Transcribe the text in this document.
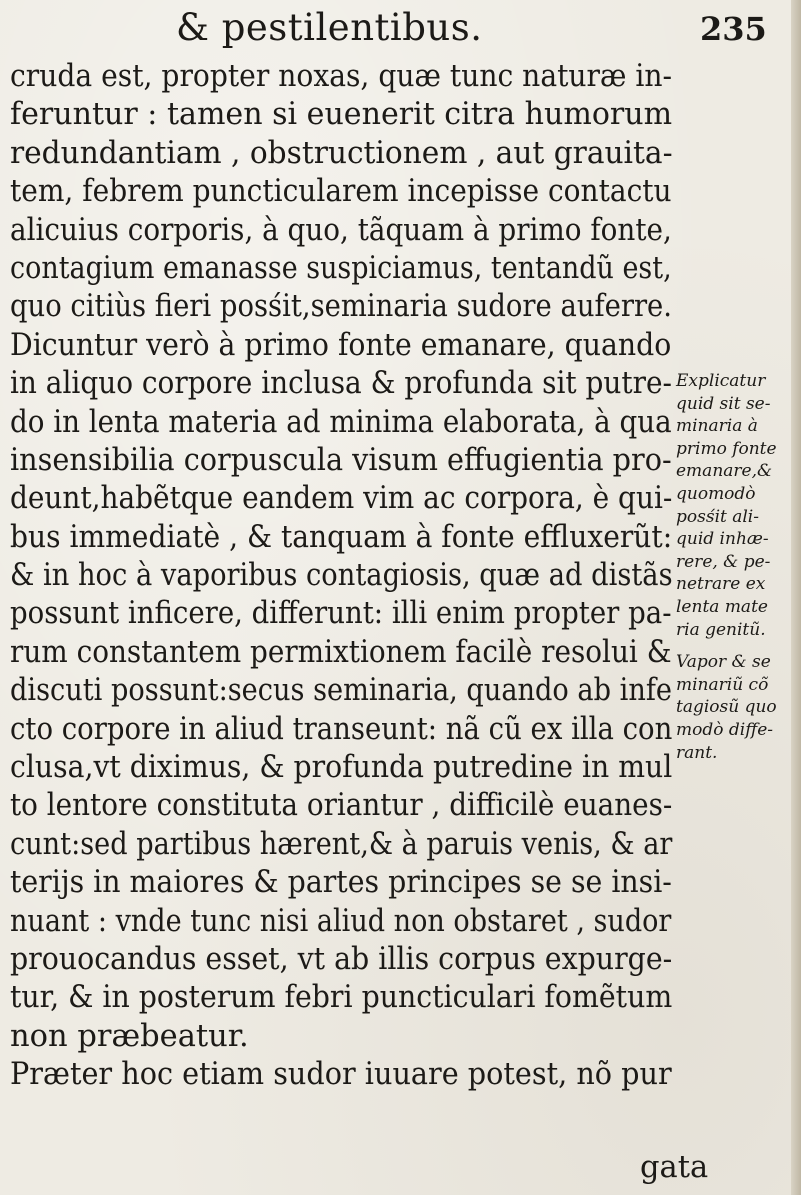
& pestilentibus.	235
cruda est, propter noxas, quæ tunc naturæ in-
feruntur : tamen si euenerit citra humorum
redundantiam , obstructionem , aut grauita-
tem, febrem puncticularem incepisse contactu
alicuius corporis, à quo, tãquam à primo fonte,
contagium emanasse suspiciamus, tentandũ est,
quo citiùs fieri posśit,seminaria sudore auferre.
Dicuntur verò à primo fonte emanare, quando
in aliquo corpore inclusa & profunda sit putre-
do in lenta materia ad minima elaborata, à qua
insensibilia corpuscula visum effugientia pro-
deunt,habẽtque eandem vim ac corpora, è qui-
bus immediatè , & tanquam à fonte effluxerũt:
& in hoc à vaporibus contagiosis, quæ ad distãs
possunt inficere, differunt: illi enim propter pa-
rum constantem permixtionem facilè resolui &
discuti possunt:secus seminaria, quando ab infe
cto corpore in aliud transeunt: nã cũ ex illa con
clusa,vt diximus, & profunda putredine in mul
to lentore constituta oriantur , difficilè euanes-
cunt:sed partibus hærent,& à paruis venis, & ar
terijs in maiores & partes principes se se insi-
nuant : vnde tunc nisi aliud non obstaret , sudor
prouocandus esset, vt ab illis corpus expurge-
tur, & in posterum febri puncticulari fomẽtum
non præbeatur.
Præter hoc etiam sudor iuuare potest, nõ pur
Explicatur
quid sit se-
minaria à
primo fonte
emanare,&
quomodò
posśit ali-
quid inhæ-
rere, & pe-
netrare ex
lenta mate
ria genitũ.
Vapor & se
minariũ cõ
tagiosũ quo
modò diffe-
rant.
gata
